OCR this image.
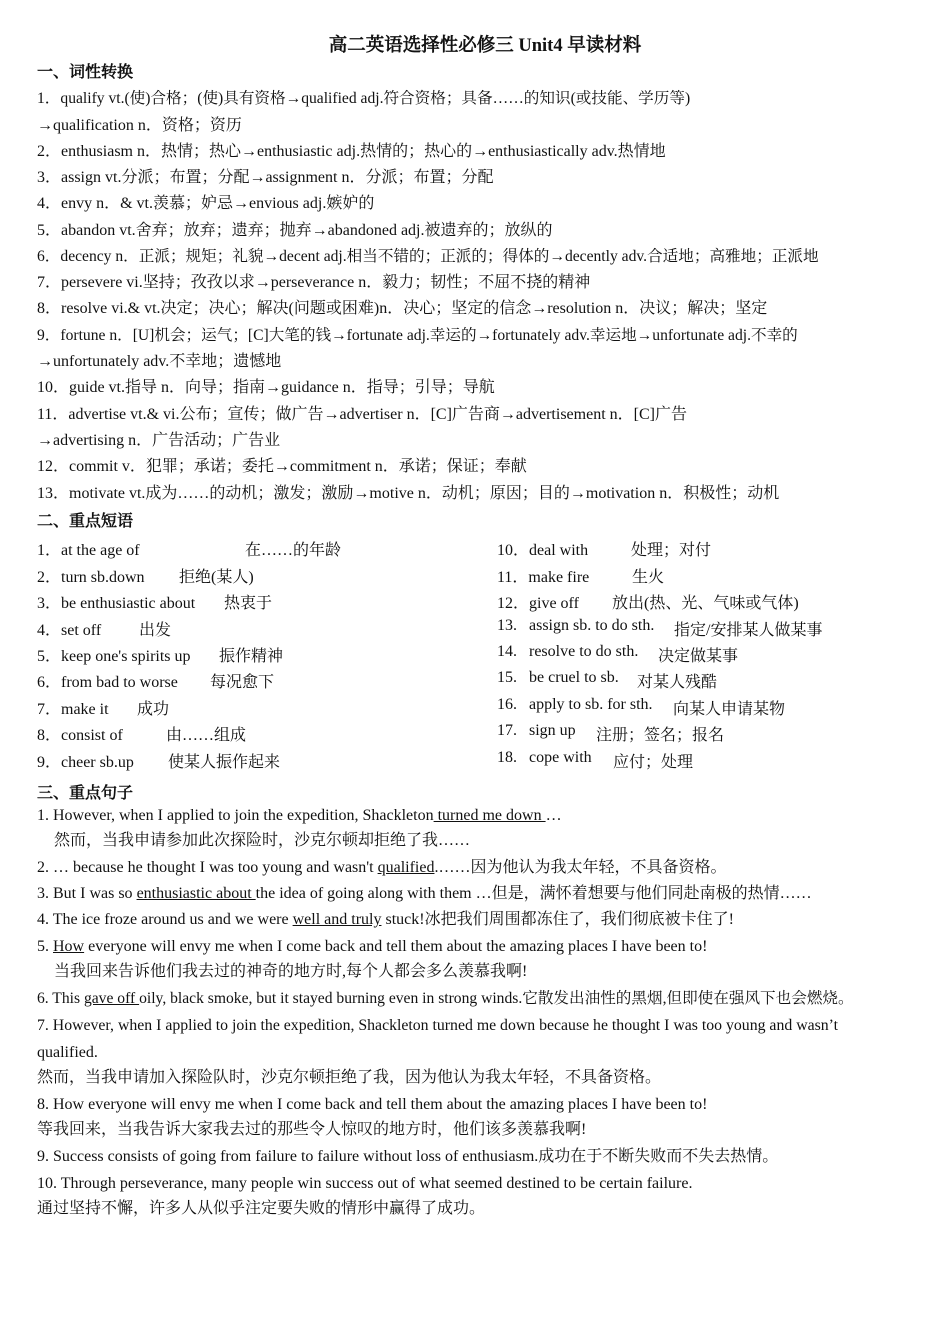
高二英语选择性必修三 Unit4 早读材料
一、词性转换
1．qualify vt.(使)合格；(使)具有资格→qualified adj.符合资格；具备……的知识(或技能、学历等)
→qualification n．资格；资历
2．enthusiasm n．热情；热心→enthusiastic adj.热情的；热心的→enthusiastically adv.热情地
3．assign vt.分派；布置；分配→assignment n．分派；布置；分配
4．envy n．& vt.羡慕；妒忌→envious adj.嫉妒的
5．abandon vt.舍弃；放弃；遗弃；抛弃→abandoned adj.被遗弃的；放纵的
6．decency n．正派；规矩；礼貌→decent adj.相当不错的；正派的；得体的→decently adv.合适地；高雅地；正派地
7．persevere vi.坚持；孜孜以求→perseverance n．毅力；韧性；不屈不挠的精神
8．resolve vi.& vt.决定；决心；解决(问题或困难)n．决心；坚定的信念→resolution n．决议；解决；坚定
9．fortune n．[U]机会；运气；[C]大笔的钱→fortunate adj.幸运的→fortunately adv.幸运地→unfortunate adj.不幸的
→unfortunately adv.不幸地；遗憾地
10．guide vt.指导 n．向导；指南→guidance n．指导；引导；导航
11．advertise vt.& vi.公布；宣传；做广告→advertiser n．[C]广告商→advertisement n．[C]广告
→advertising n．广告活动；广告业
12．commit v．犯罪；承诺；委托→commitment n．承诺；保证；奉献
13．motivate vt.成为……的动机；激发；激励→motive n．动机；原因；目的→motivation n．积极性；动机
二、重点短语
1．at the age of	在……的年龄
2．turn sb.down 拒绝(某人)
3．be enthusiastic about 热衷于
4．set off 出发
5．keep one's spirits up 振作精神
6．from bad to worse 每况愈下
7．make it 成功
8．consist of	由……组成
9．cheer sb.up 使某人振作起来
10．deal with	处理；对付
11．make fire	生火
12．give off 放出(热、光、气味或气体)
13.   assign sb. to do sth. 指定/安排某人做某事
14.   resolve to do sth. 决定做某事
15.   be cruel to sb. 对某人残酷
16.   apply to sb. for sth. 向某人申请某物
17.   sign up 注册；签名；报名
18.   cope with 应付；处理
三、重点句子
1. However, when I applied to join the expedition, Shackleton turned me down …
然而，当我申请参加此次探险时，沙克尔顿却拒绝了我……
2. … because he thought I was too young and wasn't qualified.……因为他认为我太年轻，不具备资格。
3. But I was so enthusiastic about the idea of going along with them …但是，满怀着想要与他们同赴南极的热情……
4. The ice froze around us and we were well and truly stuck!冰把我们周围都冻住了，我们彻底被卡住了!
5. How everyone will envy me when I come back and tell them about the amazing places I have been to!
当我回来告诉他们我去过的神奇的地方时,每个人都会多么羡慕我啊!
6. This gave off oily, black smoke, but it stayed burning even in strong winds.它散发出油性的黑烟,但即使在强风下也会燃烧。
7. However, when I applied to join the expedition, Shackleton turned me down because he thought I was too young and wasn’t
qualified.
然而，当我申请加入探险队时，沙克尔顿拒绝了我，因为他认为我太年轻，不具备资格。
8. How everyone will envy me when I come back and tell them about the amazing places I have been to!
等我回来，当我告诉大家我去过的那些令人惊叹的地方时，他们该多羡慕我啊!
9. Success consists of going from failure to failure without loss of enthusiasm.成功在于不断失败而不失去热情。
10. Through perseverance, many people win success out of what seemed destined to be certain failure.
通过坚持不懈，许多人从似乎注定要失败的情形中赢得了成功。
